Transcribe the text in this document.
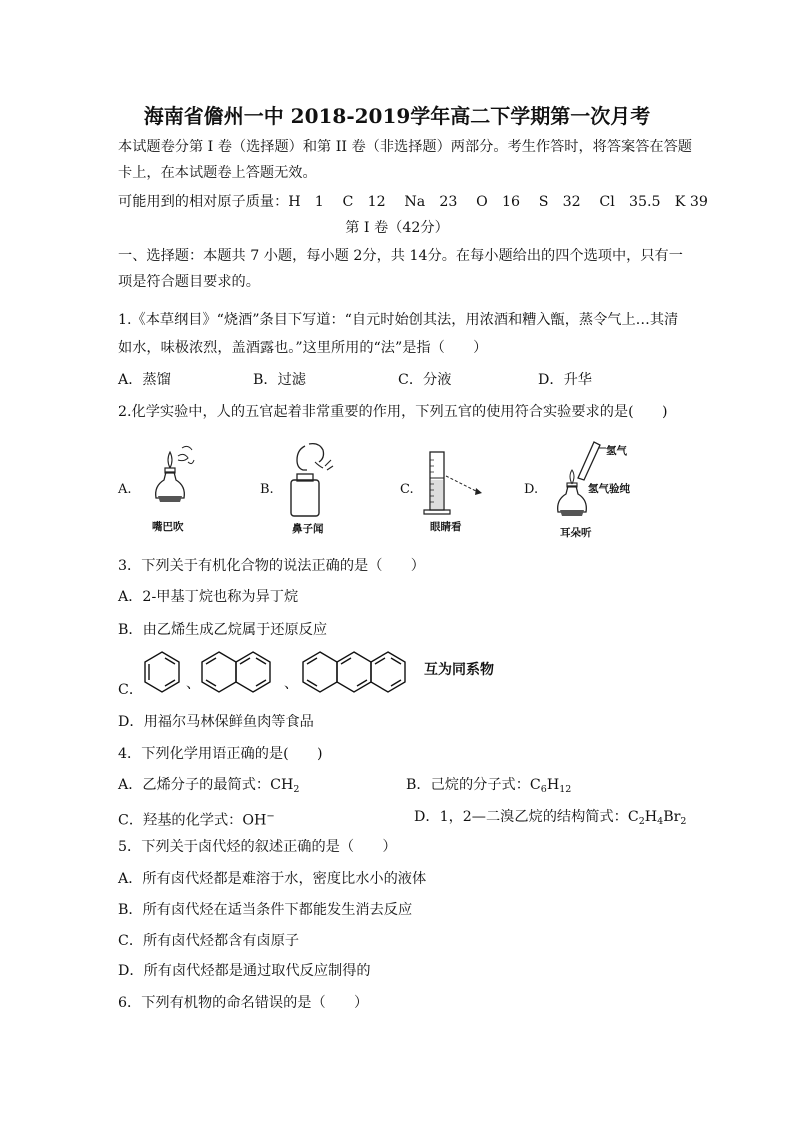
海南省儋州一中 2018-2019学年高二下学期第一次月考
本试题卷分第 I 卷（选择题）和第 II 卷（非选择题）两部分。考生作答时，将答案答在答题
卡上，在本试题卷上答题无效。
可能用到的相对原子质量：H　1　 C　12　 Na　23　 O　16　 S　32　 Cl　35.5　K 39
第 I 卷（42分）
一、选择题：本题共 7 小题，每小题 2分，共 14分。在每小题给出的四个选项中，只有一
项是符合题目要求的。
1.《本草纲目》“烧酒”条目下写道：“自元时始创其法，用浓酒和糟入甑，蒸令气上…其清
如水，味极浓烈，盖酒露也。”这里所用的“法”是指（　　）
A．蒸馏	B．过滤	C．分液	D．升华
2.化学实验中，人的五官起着非常重要的作用，下列五官的使用符合实验要求的是(　　)
A.
嘴巴吹
B.
鼻子闻
C.
眼睛看
D.
氢气
氢气验纯
耳朵听
3．下列关于有机化合物的说法正确的是（　　）
A．2-甲基丁烷也称为异丁烷
B．由乙烯生成乙烷属于还原反应
C．	、	、
互为同系物
D．用福尔马林保鲜鱼肉等食品
4．下列化学用语正确的是(　　)
A．乙烯分子的最简式：$CH_2$	B．己烷的分子式：$C_6H_{12}$
C．羟基的化学式：OH−	D．1，2—二溴乙烷的结构简式：$C_2H_4Br_2$
5．下列关于卤代烃的叙述正确的是（　　）
A．所有卤代烃都是难溶于水，密度比水小的液体
B．所有卤代烃在适当条件下都能发生消去反应
C．所有卤代烃都含有卤原子
D．所有卤代烃都是通过取代反应制得的
6．下列有机物的命名错误的是（　　）
